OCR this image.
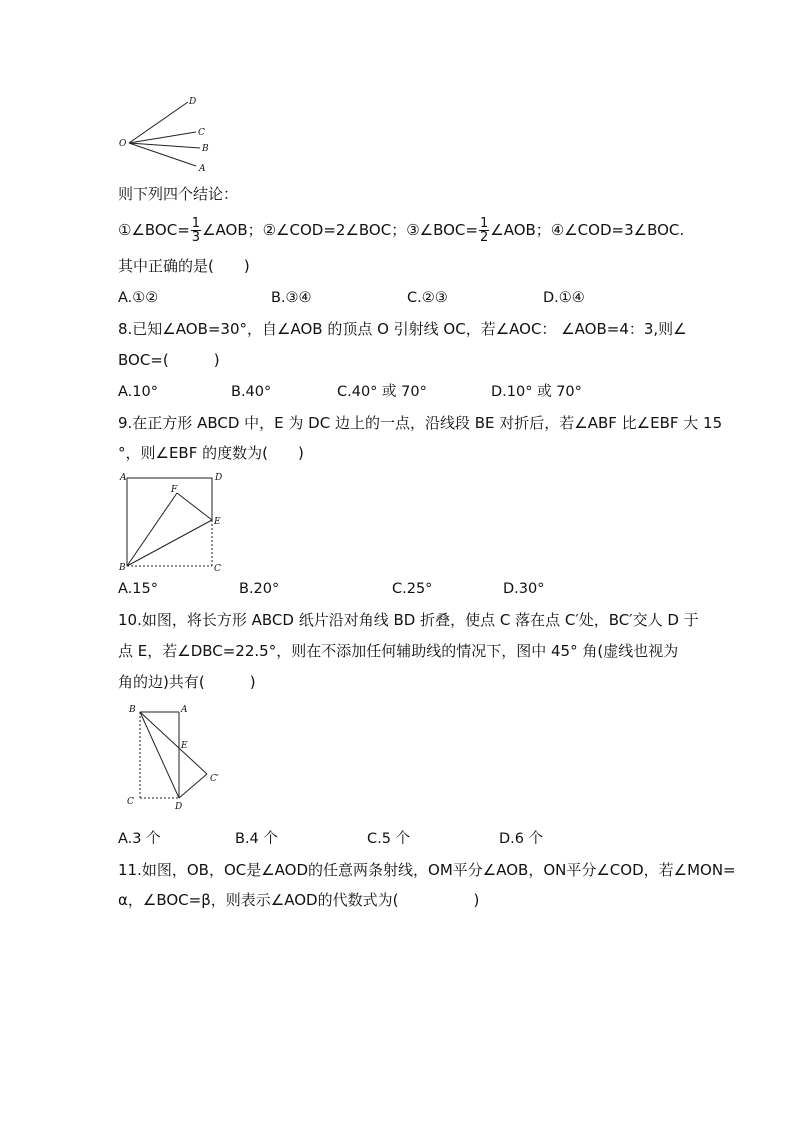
O
D
C
B
A
则下列四个结论：
①∠BOC= $\frac{1}{3}$ ∠AOB；②∠COD=2∠BOC；③∠BOC= $\frac{1}{2}$ ∠AOB；④∠COD=3∠BOC.
其中正确的是(　　)
A.①②	B.③④	C.②③	D.①④
8.已知∠AOB=30°，自∠AOB 的顶点 O 引射线 OC，若∠AOC： ∠AOB=4：3,则∠
BOC=(　　　)
A.10°	B.40°	C.40° 或 70°	D.10° 或 70°
9.在正方形 ABCD 中，E 为 DC 边上的一点，沿线段 BE 对折后，若∠ABF 比∠EBF 大 15
°，则∠EBF 的度数为(　　)
A	D
F
E
B	C
A.15°	B.20°	C.25°	D.30°
10.如图，将长方形 ABCD 纸片沿对角线 BD 折叠，使点 C 落在点 C′处，BC′交人 D 于
点 E，若∠DBC=22.5°，则在不添加任何辅助线的情况下，图中 45° 角(虚线也视为
角的边)共有(　　　)
B	A
E
C′
C	D
A.3 个	B.4 个	C.5 个	D.6 个
11.如图，OB，OC是∠AOD的任意两条射线，OM平分∠AOB，ON平分∠COD，若∠MON=
α，∠BOC=β，则表示∠AOD的代数式为(　　　　　)
